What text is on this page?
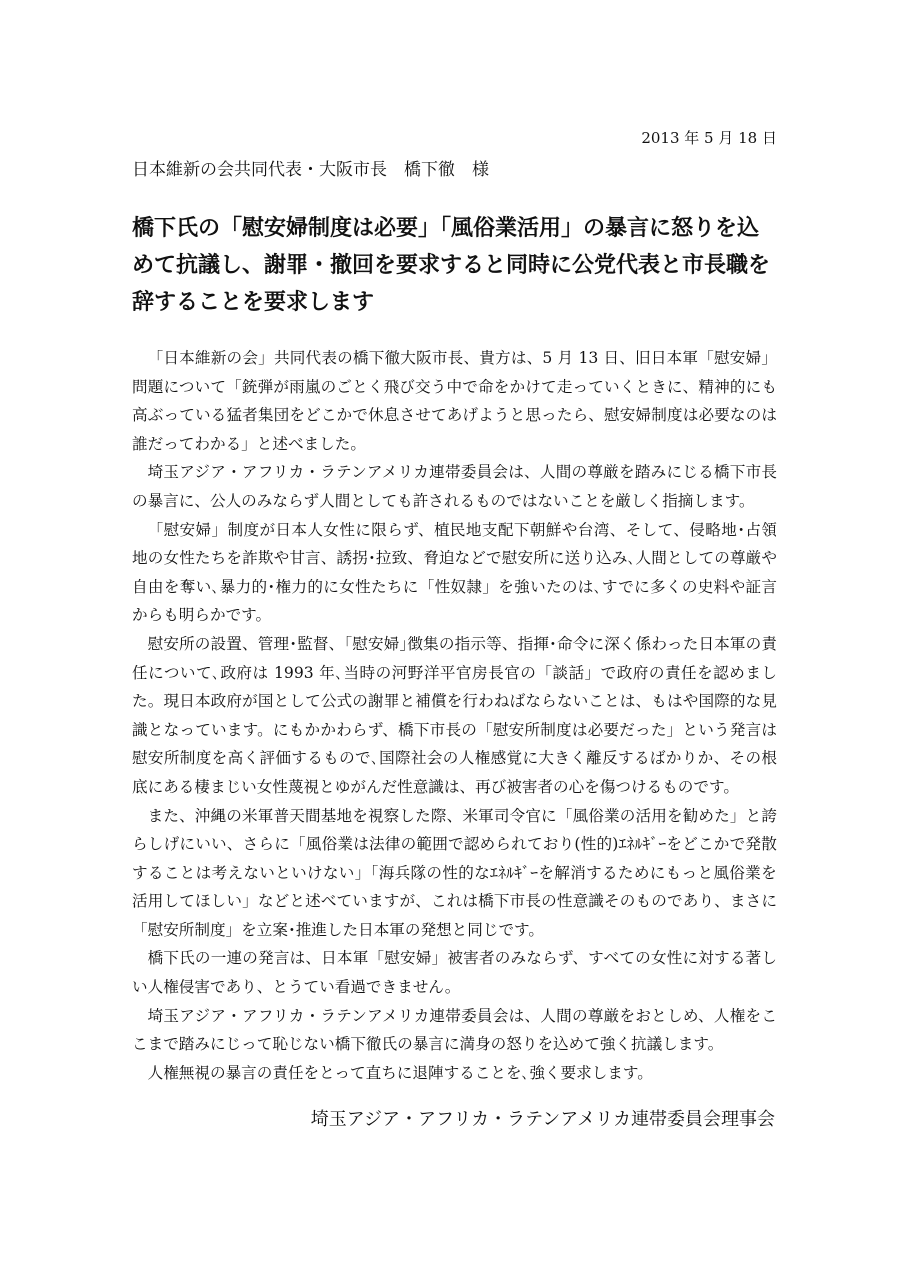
2013 年 5 月 18 日
日本維新の会共同代表・大阪市長　橋下徹　様
橋下氏の「慰安婦制度は必要」「風俗業活用」の暴言に怒りを込めて抗議し、謝罪・撤回を要求すると同時に公党代表と市長職を辞することを要求します

「日本維新の会」共同代表の橋下徹大阪市長、貴方は、5 月 13 日、旧日本軍「慰安婦」問題について「銃弾が雨嵐のごとく飛び交う中で命をかけて走っていくときに、精神的にも高ぶっている猛者集団をどこかで休息させてあげようと思ったら、慰安婦制度は必要なのは誰だってわかる」と述べました。

埼玉アジア・アフリカ・ラテンアメリカ連帯委員会は、人間の尊厳を踏みにじる橋下市長の暴言に、公人のみならず人間としても許されるものではないことを厳しく指摘します。

「慰安婦」制度が日本人女性に限らず、植民地支配下朝鮮や台湾、そして、侵略地･占領地の女性たちを詐欺や甘言、誘拐･拉致、脅迫などで慰安所に送り込み､人間としての尊厳や自由を奪い､暴力的･権力的に女性たちに「性奴隷」を強いたのは､すでに多くの史料や証言からも明らかです。

慰安所の設置、管理･監督、｢慰安婦｣徴集の指示等、指揮･命令に深く係わった日本軍の責任について､政府は 1993 年､当時の河野洋平官房長官の「談話」で政府の責任を認めました。現日本政府が国として公式の謝罪と補償を行わねばならないことは、もはや国際的な見識となっています。にもかかわらず、橋下市長の「慰安所制度は必要だった」という発言は慰安所制度を高く評価するもので､国際社会の人権感覚に大きく離反するばかりか、その根底にある棲まじい女性蔑視とゆがんだ性意識は、再び被害者の心を傷つけるものです。

また、沖縄の米軍普天間基地を視察した際、米軍司令官に「風俗業の活用を勧めた」と誇らしげにいい、さらに「風俗業は法律の範囲で認められており(性的)ｴﾈﾙｷﾞｰをどこかで発散することは考えないといけない」「海兵隊の性的なｴﾈﾙｷﾞｰを解消するためにもっと風俗業を活用してほしい」などと述べていますが、これは橋下市長の性意識そのものであり、まさに「慰安所制度」を立案･推進した日本軍の発想と同じです。

橋下氏の一連の発言は、日本軍「慰安婦」被害者のみならず、すべての女性に対する著しい人権侵害であり、とうてい看過できません。

埼玉アジア・アフリカ・ラテンアメリカ連帯委員会は、人間の尊厳をおとしめ、人権をここまで踏みにじって恥じない橋下徹氏の暴言に満身の怒りを込めて強く抗議します。

人権無視の暴言の責任をとって直ちに退陣することを､強く要求します。

埼玉アジア・アフリカ・ラテンアメリカ連帯委員会理事会
